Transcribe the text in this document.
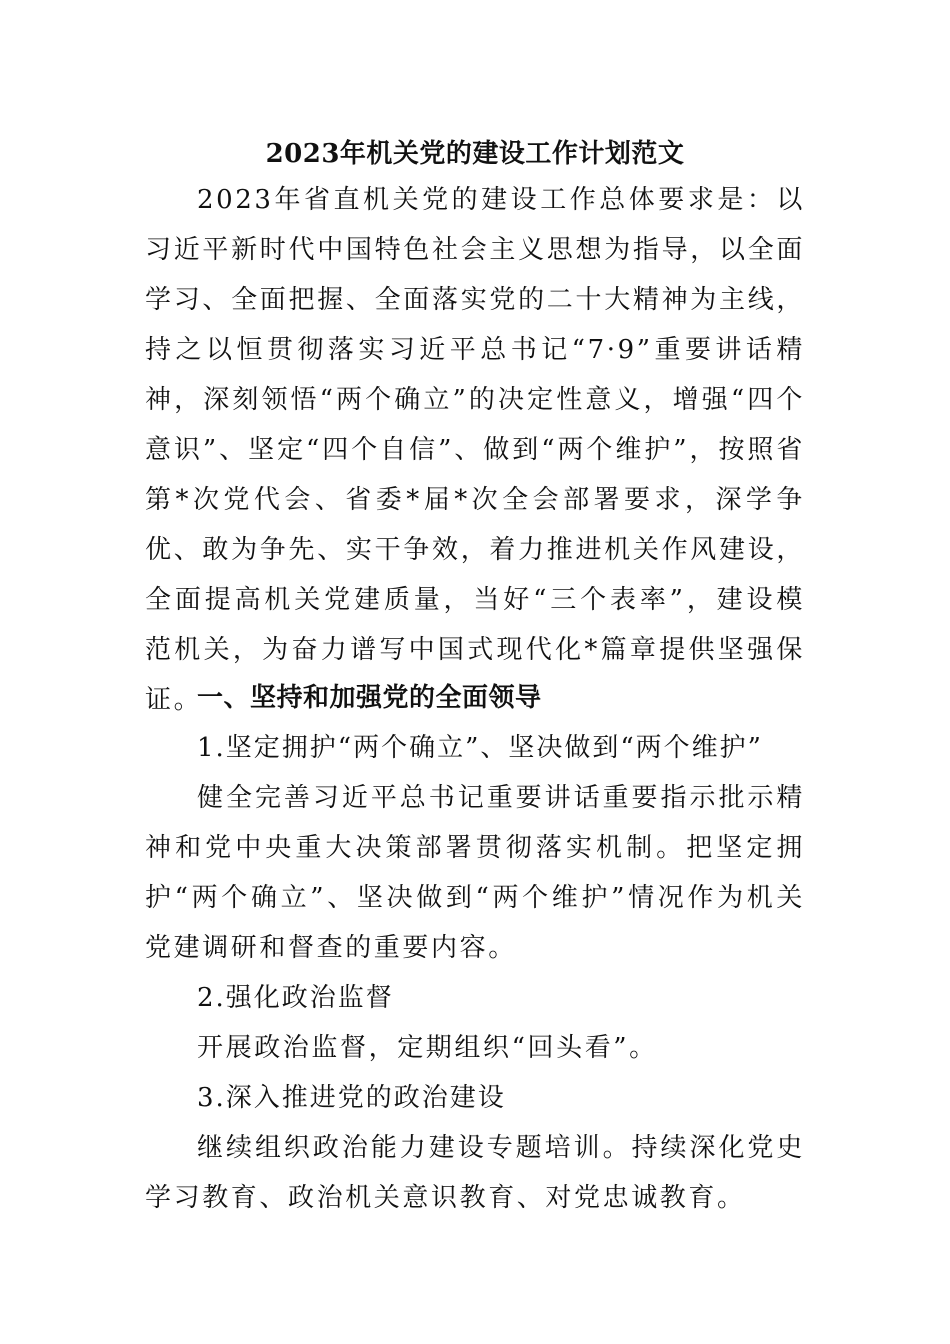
2023年机关党的建设工作计划范文

2023年省直机关党的建设工作总体要求是：以习近平新时代中国特色社会主义思想为指导，以全面学习、全面把握、全面落实党的二十大精神为主线，持之以恒贯彻落实习近平总书记“7·9”重要讲话精神，深刻领悟“两个确立”的决定性意义，增强“四个意识”、坚定“四个自信”、做到“两个维护”，按照省第*次党代会、省委*届*次全会部署要求，深学争优、敢为争先、实干争效，着力推进机关作风建设，全面提高机关党建质量，当好“三个表率”，建设模范机关，为奋力谱写中国式现代化*篇章提供坚强保证。

一、坚持和加强党的全面领导

1.坚定拥护“两个确立”、坚决做到“两个维护”

健全完善习近平总书记重要讲话重要指示批示精神和党中央重大决策部署贯彻落实机制。把坚定拥护“两个确立”、坚决做到“两个维护”情况作为机关党建调研和督查的重要内容。

2.强化政治监督

开展政治监督，定期组织“回头看”。

3.深入推进党的政治建设

继续组织政治能力建设专题培训。持续深化党史学习教育、政治机关意识教育、对党忠诚教育。
